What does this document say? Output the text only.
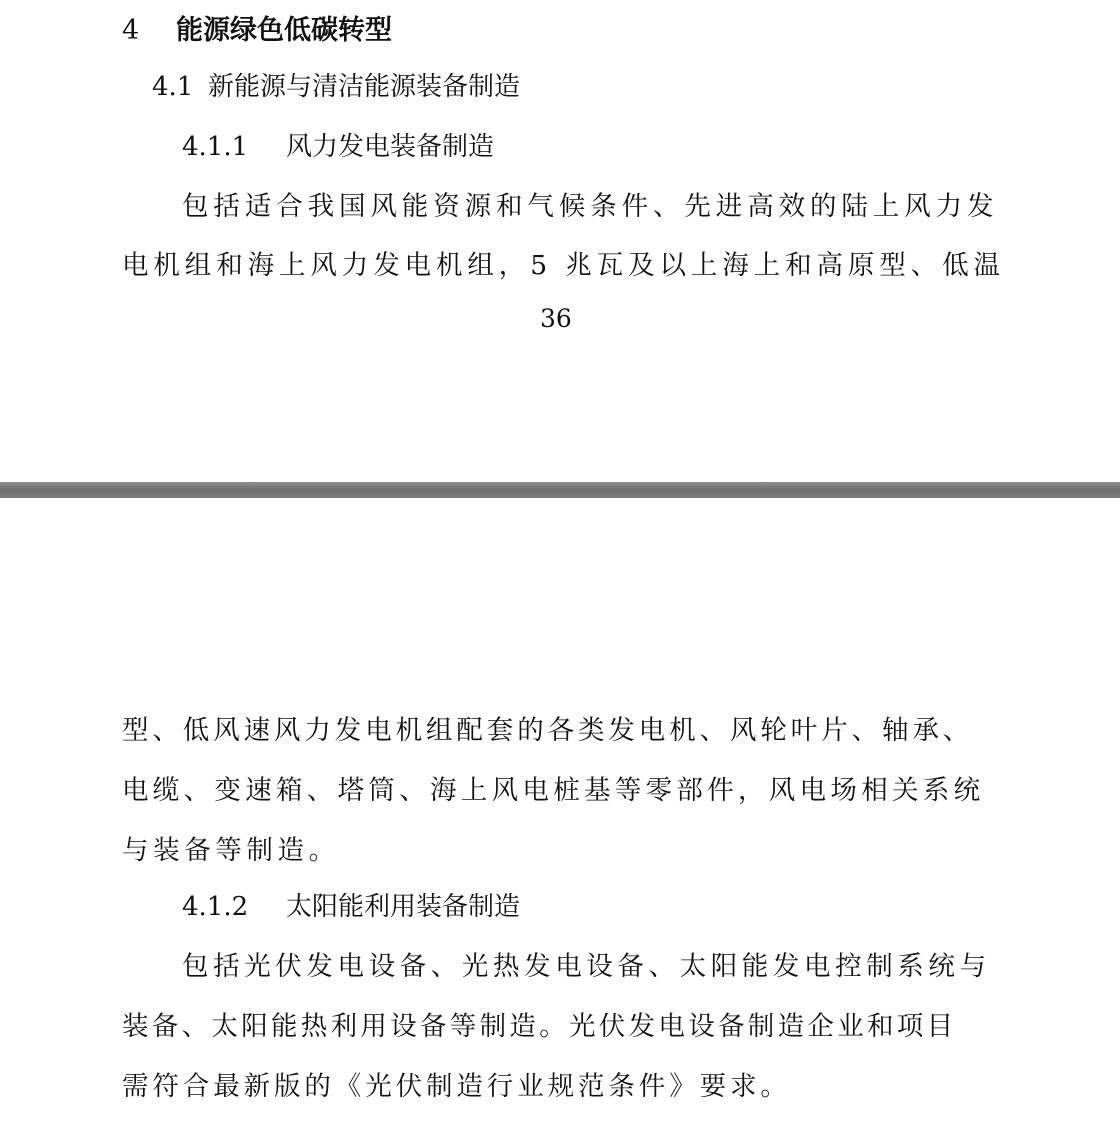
4 能源绿色低碳转型
4.1 新能源与清洁能源装备制造
4.1.1 风力发电装备制造
包括适合我国风能资源和气候条件、先进高效的陆上风力发
电机组和海上风力发电机组，5 兆瓦及以上海上和高原型、低温
36
型、低风速风力发电机组配套的各类发电机、风轮叶片、轴承、
电缆、变速箱、塔筒、海上风电桩基等零部件，风电场相关系统
与装备等制造。
4.1.2 太阳能利用装备制造
包括光伏发电设备、光热发电设备、太阳能发电控制系统与
装备、太阳能热利用设备等制造。光伏发电设备制造企业和项目
需符合最新版的《光伏制造行业规范条件》要求。
